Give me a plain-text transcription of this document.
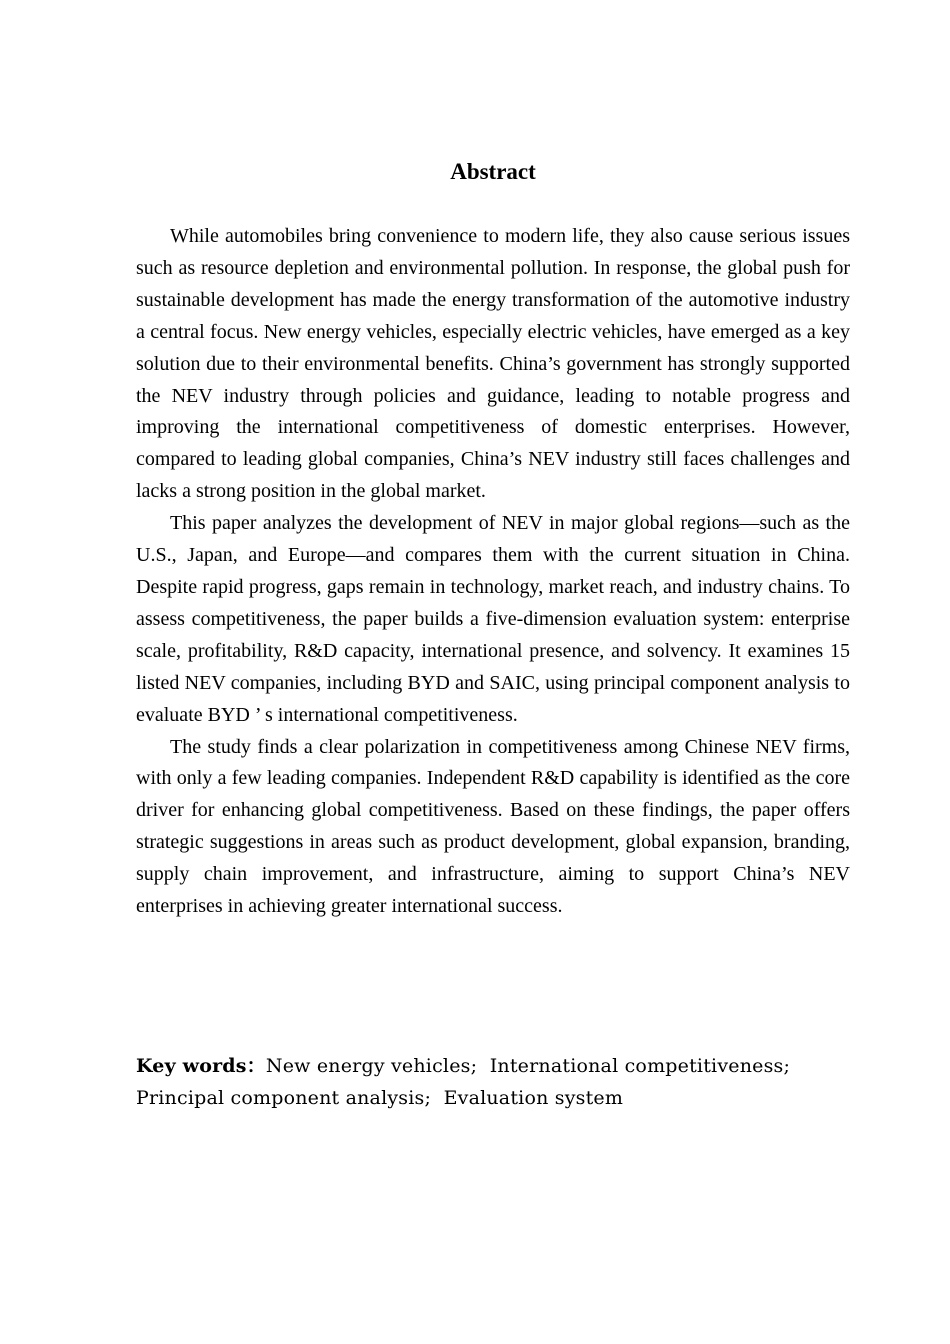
Abstract

While automobiles bring convenience to modern life, they also cause serious issues such as resource depletion and environmental pollution. In response, the global push for sustainable development has made the energy transformation of the automotive industry a central focus. New energy vehicles, especially electric vehicles, have emerged as a key solution due to their environmental benefits. China’s government has strongly supported the NEV industry through policies and guidance, leading to notable progress and improving the international competitiveness of domestic enterprises. However, compared to leading global companies, China’s NEV industry still faces challenges and lacks a strong position in the global market.

This paper analyzes the development of NEV in major global regions—such as the U.S., Japan, and Europe—and compares them with the current situation in China. Despite rapid progress, gaps remain in technology, market reach, and industry chains. To assess competitiveness, the paper builds a five-dimension evaluation system: enterprise scale, profitability, R&D capacity, international presence, and solvency. It examines 15 listed NEV companies, including BYD and SAIC, using principal component analysis to evaluate BYD ’ s international competitiveness.

The study finds a clear polarization in competitiveness among Chinese NEV firms, with only a few leading companies. Independent R&D capability is identified as the core driver for enhancing global competitiveness. Based on these findings, the paper offers strategic suggestions in areas such as product development, global expansion, branding, supply chain improvement, and infrastructure, aiming to support China’s NEV enterprises in achieving greater international success.

Key words：New energy vehicles; International competitiveness;
Principal component analysis; Evaluation system
